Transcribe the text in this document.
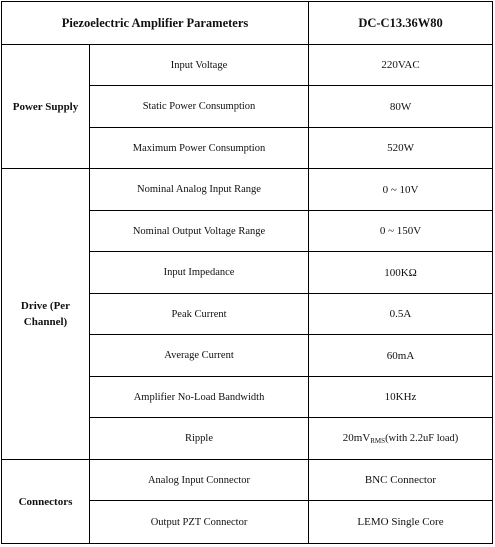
Piezoelectric Amplifier Parameters		DC-C13.36W80
Power Supply	Input Voltage	220VAC
	Static Power Consumption	80W
	Maximum Power Consumption	520W
Drive (Per Channel)	Nominal Analog Input Range	0 ~ 10V
	Nominal Output Voltage Range	0 ~ 150V
	Input Impedance	100KΩ
	Peak Current	0.5A
	Average Current	60mA
	Amplifier No-Load Bandwidth	10KHz
	Ripple	$20mV_{RMS}(with$ 2.2uF load)
Connectors	Analog Input Connector	BNC Connector
	Output PZT Connector	LEMO Single Core
